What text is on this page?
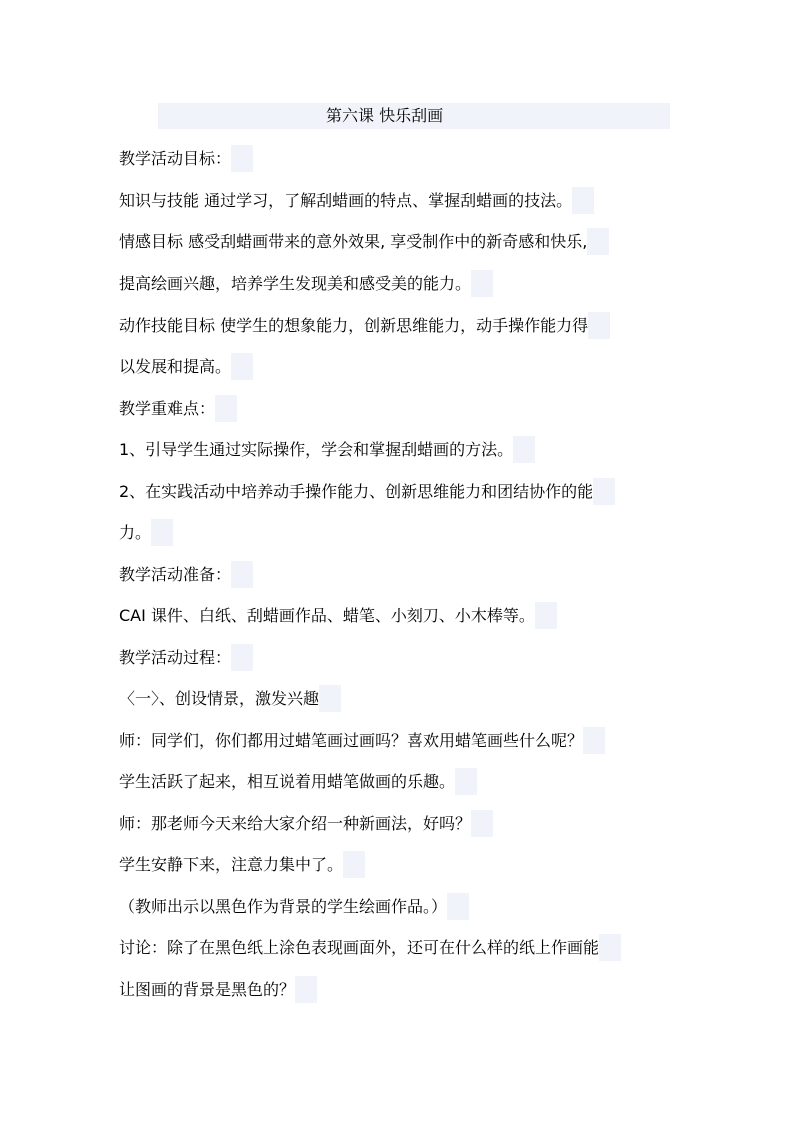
第六课 快乐刮画
教学活动目标：
知识与技能 通过学习，了解刮蜡画的特点、掌握刮蜡画的技法。
情感目标 感受刮蜡画带来的意外效果, 享受制作中的新奇感和快乐,
提高绘画兴趣，培养学生发现美和感受美的能力。
动作技能目标 使学生的想象能力，创新思维能力，动手操作能力得
以发展和提高。
教学重难点：
1、引导学生通过实际操作，学会和掌握刮蜡画的方法。
2、在实践活动中培养动手操作能力、创新思维能力和团结协作的能
力。
教学活动准备：
CAI 课件、白纸、刮蜡画作品、蜡笔、小刻刀、小木棒等。
教学活动过程：
〈一〉、创设情景，激发兴趣
师：同学们，你们都用过蜡笔画过画吗？喜欢用蜡笔画些什么呢？
学生活跃了起来，相互说着用蜡笔做画的乐趣。
师：那老师今天来给大家介绍一种新画法，好吗？
学生安静下来，注意力集中了。
（教师出示以黑色作为背景的学生绘画作品。）
讨论：除了在黑色纸上涂色表现画面外，还可在什么样的纸上作画能
让图画的背景是黑色的？
